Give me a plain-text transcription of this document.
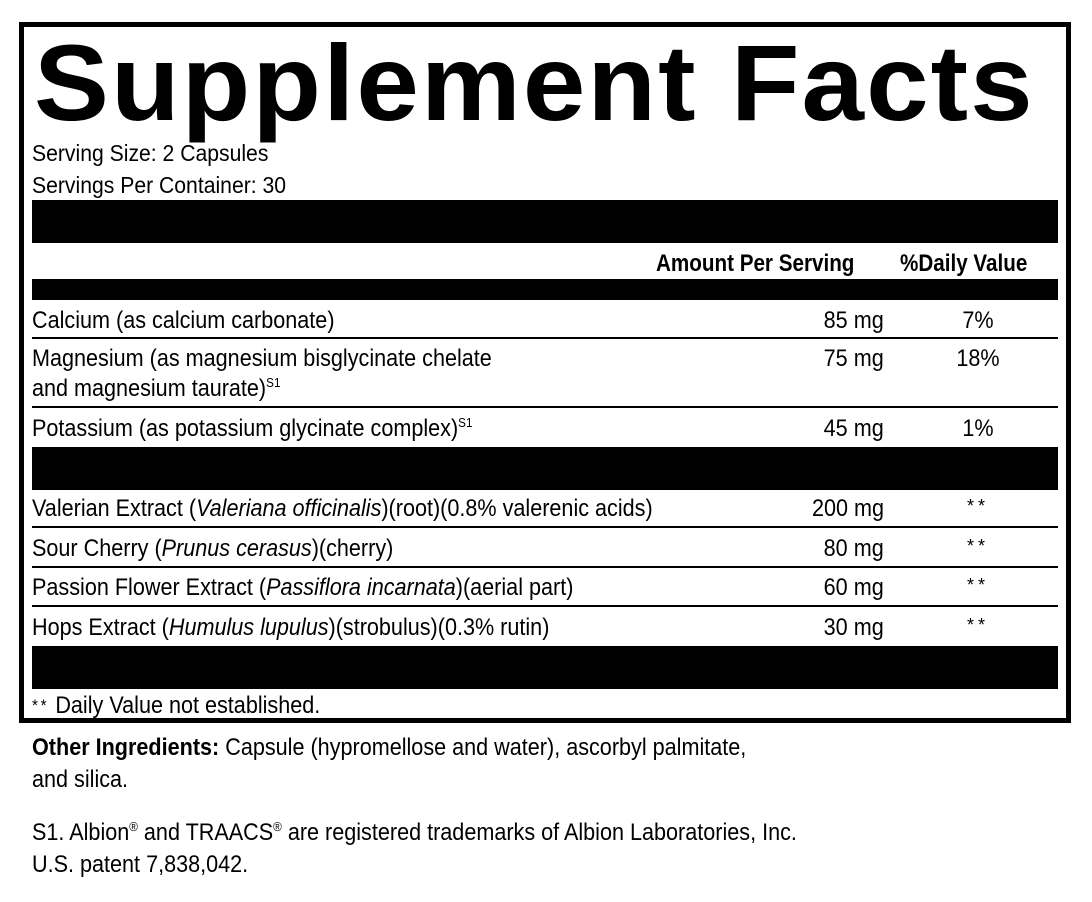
Supplement Facts
Serving Size: 2 Capsules
Servings Per Container: 30
Amount Per Serving %Daily Value
Calcium (as calcium carbonate)	85 mg	7%
Magnesium (as magnesium bisglycinate chelate
and magnesium taurate)$^{S1}$
75 mg	18%
Potassium (as potassium glycinate complex)$^{S1}$	45 mg	1%
Valerian Extract (Valeriana officinalis)(root)(0.8% valerenic acids)	200 mg	**
Sour Cherry (Prunus cerasus)(cherry)	80 mg	**
Passion Flower Extract (Passiflora incarnata)(aerial part)	60 mg	**
Hops Extract (Humulus lupulus)(strobulus)(0.3% rutin)	30 mg	**
** Daily Value not established.
Other Ingredients: Capsule (hypromellose and water), ascorbyl palmitate,
and silica.
S1. Albion® and TRAACS® are registered trademarks of Albion Laboratories, Inc.
U.S. patent 7,838,042.
